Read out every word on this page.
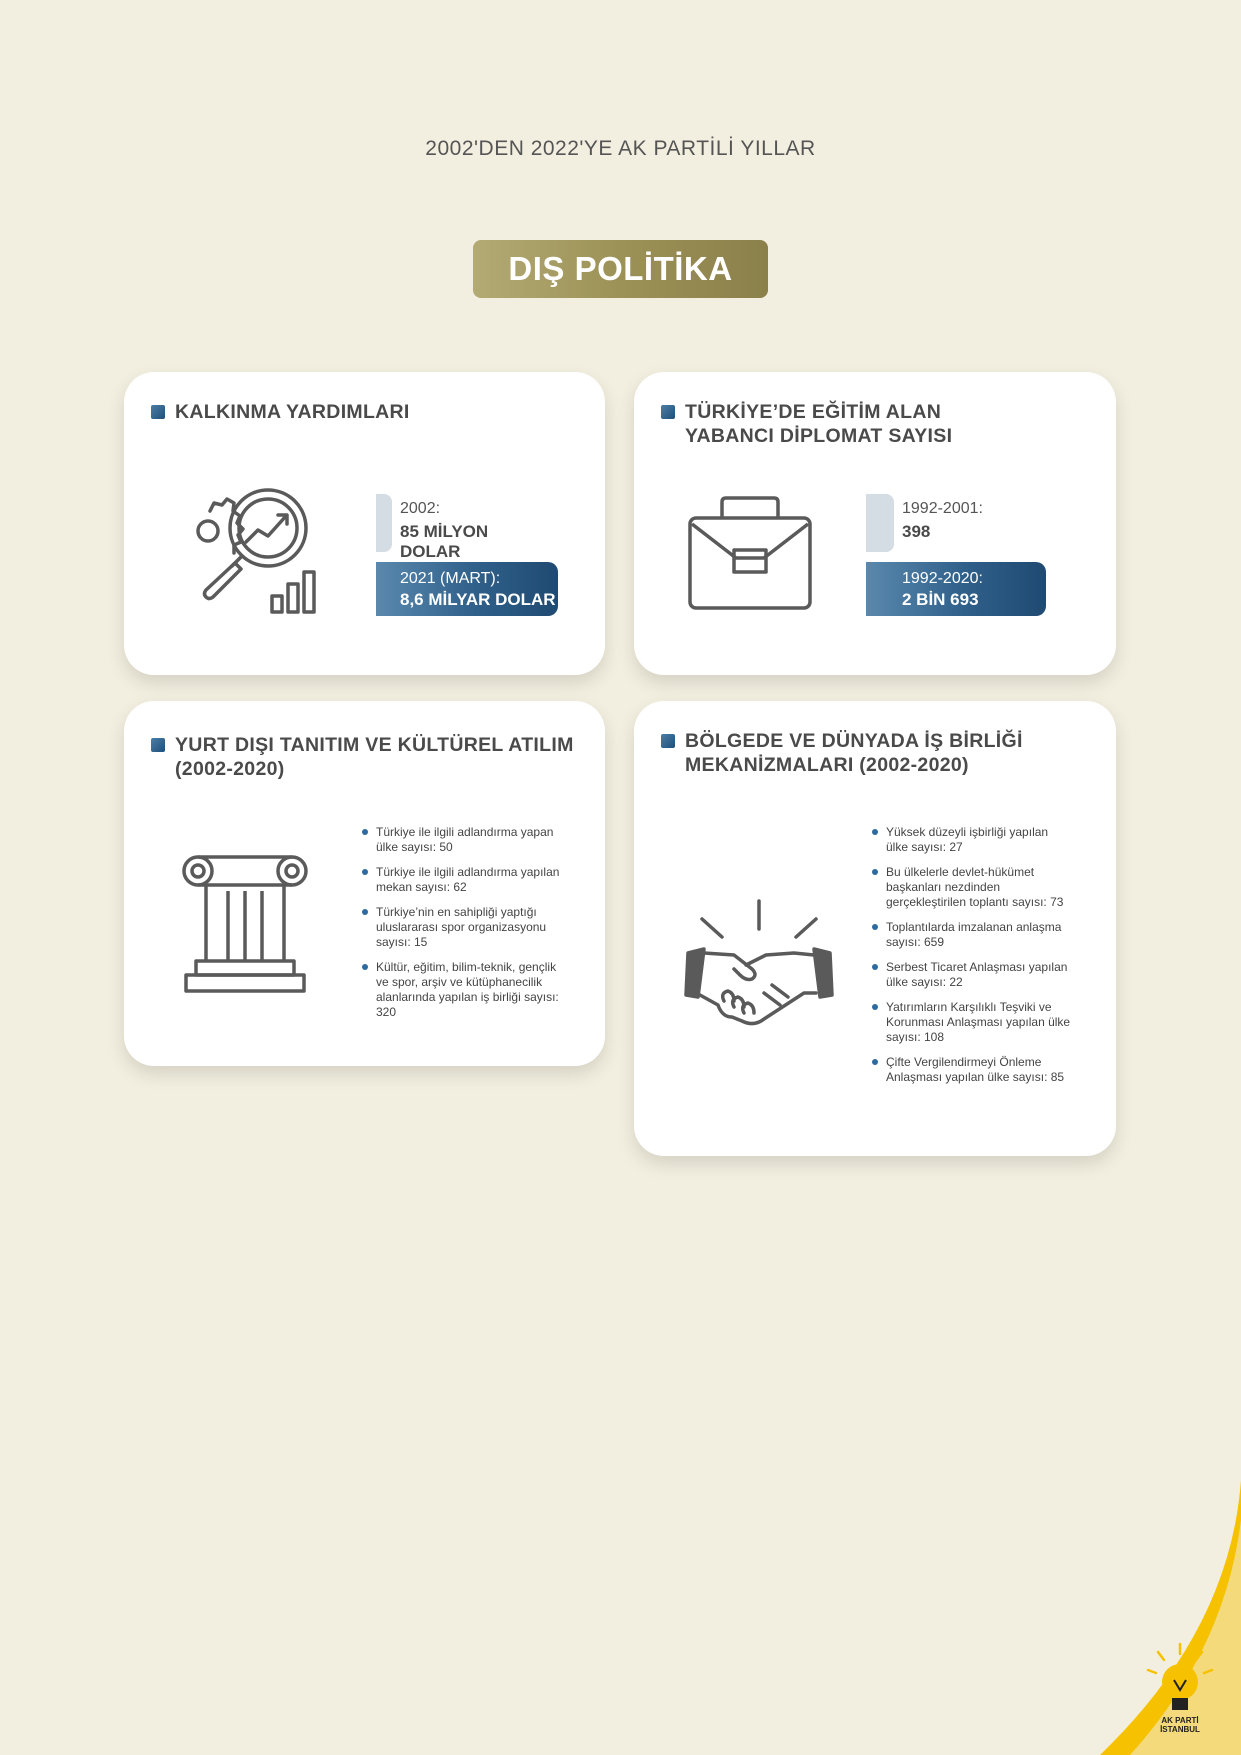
2002'DEN 2022'YE AK PARTİLİ YILLAR
DIŞ POLİTİKA
KALKINMA YARDIMLARI
2002:
85 MİLYON DOLAR
2021 (MART):
8,6 MİLYAR DOLAR
TÜRKİYE’DE EĞİTİM ALAN
YABANCI DİPLOMAT SAYISI
1992-2001:
398
1992-2020:
2 BİN 693
YURT DIŞI TANITIM VE KÜLTÜREL ATILIM
(2002-2020)
Türkiye ile ilgili adlandırma yapan ülke sayısı: 50
Türkiye ile ilgili adlandırma yapılan mekan sayısı: 62
Türkiye’nin en sahipliği yaptığı uluslararası spor organizasyonu sayısı: 15
Kültür, eğitim, bilim-teknik, gençlik ve spor, arşiv ve kütüphanecilik alanlarında yapılan iş birliği sayısı: 320
BÖLGEDE VE DÜNYADA İŞ BİRLİĞİ
MEKANİZMALARI (2002-2020)
Yüksek düzeyli işbirliği yapılan ülke sayısı: 27
Bu ülkelerle devlet-hükümet başkanları nezdinden gerçekleştirilen toplantı sayısı: 73
Toplantılarda imzalanan anlaşma sayısı: 659
Serbest Ticaret Anlaşması yapılan ülke sayısı: 22
Yatırımların Karşılıklı Teşviki ve Korunması Anlaşması yapılan ülke sayısı: 108
Çifte Vergilendirmeyi Önleme Anlaşması yapılan ülke sayısı: 85
AK PARTİ
İSTANBUL
